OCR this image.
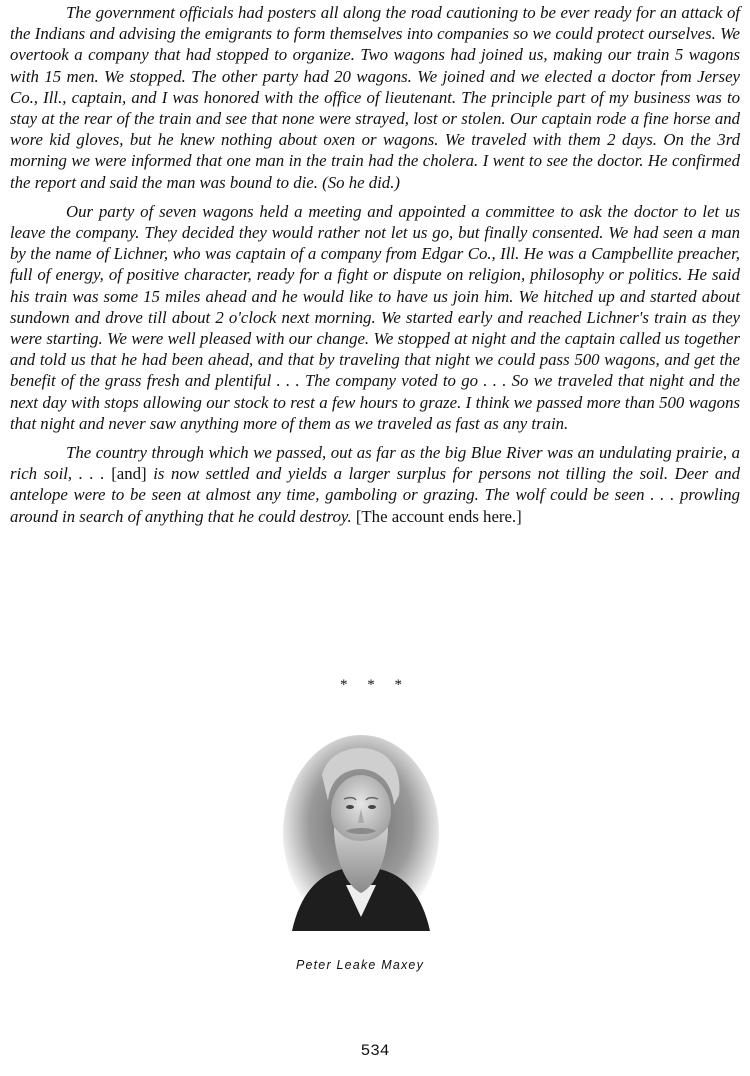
The government officials had posters all along the road cautioning to be ever ready for an attack of the Indians and advising the emigrants to form themselves into companies so we could protect ourselves. We overtook a company that had stopped to organize. Two wagons had joined us, making our train 5 wagons with 15 men. We stopped. The other party had 20 wagons. We joined and we elected a doctor from Jersey Co., Ill., captain, and I was honored with the office of lieutenant. The principle part of my business was to stay at the rear of the train and see that none were strayed, lost or stolen. Our captain rode a fine horse and wore kid gloves, but he knew nothing about oxen or wagons. We traveled with them 2 days. On the 3rd morning we were informed that one man in the train had the cholera. I went to see the doctor. He confirmed the report and said the man was bound to die. (So he did.)

Our party of seven wagons held a meeting and appointed a committee to ask the doctor to let us leave the company. They decided they would rather not let us go, but finally consented. We had seen a man by the name of Lichner, who was captain of a company from Edgar Co., Ill. He was a Campbellite preacher, full of energy, of positive character, ready for a fight or dispute on religion, philosophy or politics. He said his train was some 15 miles ahead and he would like to have us join him. We hitched up and started about sundown and drove till about 2 o'clock next morning. We started early and reached Lichner's train as they were starting. We were well pleased with our change. We stopped at night and the captain called us together and told us that he had been ahead, and that by traveling that night we could pass 500 wagons, and get the benefit of the grass fresh and plentiful . . . The company voted to go . . . So we traveled that night and the next day with stops allowing our stock to rest a few hours to graze. I think we passed more than 500 wagons that night and never saw anything more of them as we traveled as fast as any train.

The country through which we passed, out as far as the big Blue River was an undulating prairie, a rich soil, . . . [and] is now settled and yields a larger surplus for persons not tilling the soil. Deer and antelope were to be seen at almost any time, gamboling or grazing. The wolf could be seen . . . prowling around in search of anything that he could destroy. [The account ends here.]

* * *
Peter Leake Maxey
534
